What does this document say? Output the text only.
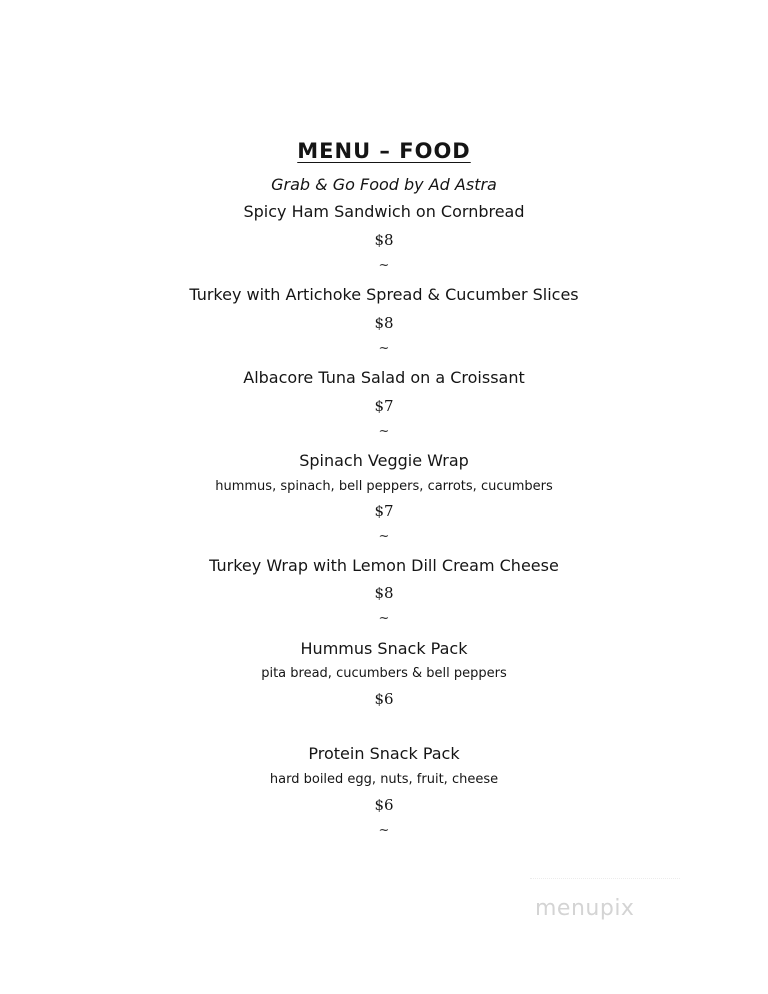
MENU – FOOD
Grab & Go Food by Ad Astra
Spicy Ham Sandwich on Cornbread
$8
~
Turkey with Artichoke Spread & Cucumber Slices
$8
~
Albacore Tuna Salad on a Croissant
$7
~
Spinach Veggie Wrap
hummus, spinach, bell peppers, carrots, cucumbers
$7
~
Turkey Wrap with Lemon Dill Cream Cheese
$8
~
Hummus Snack Pack
pita bread, cucumbers & bell peppers
$6
Protein Snack Pack
hard boiled egg, nuts, fruit, cheese
$6
~
menupix
